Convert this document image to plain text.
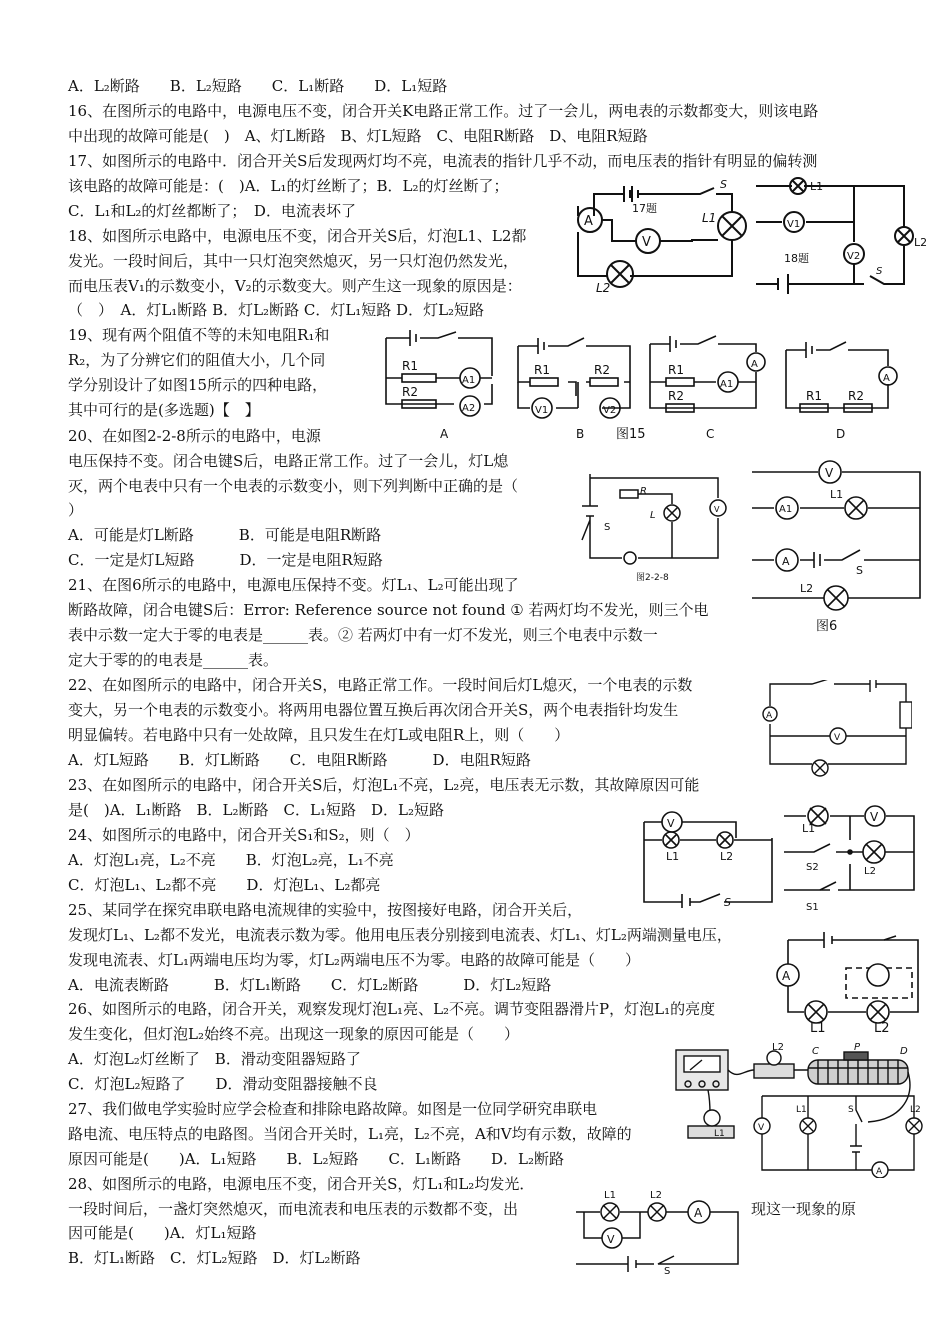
A．L₂断路　　B．L₂短路　　C．L₁断路　　D．L₁短路
16、在图所示的电路中，电源电压不变，闭合开关K电路正常工作。过了一会儿，两电表的示数都变大，则该电路
中出现的故障可能是(　)　A、灯L断路　B、灯L短路　C、电阻R断路　D、电阻R短路
17、如图所示的电路中．闭合开关S后发现两灯均不亮，电流表的指针几乎不动，而电压表的指针有明显的偏转测
该电路的故障可能是：(　)A．L₁的灯丝断了；B．L₂的灯丝断了；
C．L₁和L₂的灯丝都断了；　D．电流表坏了
18、如图所示电路中，电源电压不变，闭合开关S后，灯泡L1、L2都
发光。一段时间后，其中一只灯泡突然熄灭，另一只灯泡仍然发光，
而电压表V₁的示数变小，V₂的示数变大。则产生这一现象的原因是：
（　）　A．灯L₁断路 B．灯L₂断路 C．灯L₁短路 D．灯L₂短路
19、现有两个阻值不等的未知电阻R₁和
R₂，为了分辨它们的阻值大小，几个同
学分别设计了如图15所示的四种电路，
其中可行的是(多选题)【　】
20、在如图2-2-8所示的电路中，电源
电压保持不变。闭合电键S后，电路正常工作。过了一会儿，灯L熄
灭，两个电表中只有一个电表的示数变小，则下列判断中正确的是（
）
A．可能是灯L断路　　　B．可能是电阻R断路
C．一定是灯L短路　　　D．一定是电阻R短路
21、在图6所示的电路中，电源电压保持不变。灯L₁、L₂可能出现了
断路故障，闭合电键S后：Error: Reference source not found ① 若两灯均不发光，则三个电
表中示数一定大于零的电表是______表。② 若两灯中有一灯不发光，则三个电表中示数一
定大于零的的电表是______表。
22、在如图所示的电路中，闭合开关S，电路正常工作。一段时间后灯L熄灭，一个电表的示数
变大，另一个电表的示数变小。将两用电器位置互换后再次闭合开关S，两个电表指针均发生
明显偏转。若电路中只有一处故障，且只发生在灯L或电阻R上，则（　　）
A．灯L短路　　B．灯L断路　　C．电阻R断路　　　D．电阻R短路
23、在如图所示的电路中，闭合开关S后，灯泡L₁不亮，L₂亮，电压表无示数，其故障原因可能
是(　)A．L₁断路　B．L₂断路　C．L₁短路　D．L₂短路
24、如图所示的电路中，闭合开关S₁和S₂，则（　）
A．灯泡L₁亮，L₂不亮　　B．灯泡L₂亮，L₁不亮
C．灯泡L₁、L₂都不亮　　D．灯泡L₁、L₂都亮
25、某同学在探究串联电路电流规律的实验中，按图接好电路，闭合开关后，
发现灯L₁、L₂都不发光，电流表示数为零。他用电压表分别接到电流表、灯L₁、灯L₂两端测量电压，
发现电流表、灯L₁两端电压均为零，灯L₂两端电压不为零。电路的故障可能是（　　）
A．电流表断路　　　B．灯L₁断路　　C．灯L₂断路　　　D．灯L₂短路
26、如图所示的电路，闭合开关，观察发现灯泡L₁亮、L₂不亮。调节变阻器滑片P，灯泡L₁的亮度
发生变化，但灯泡L₂始终不亮。出现这一现象的原因可能是（　　）
A．灯泡L₂灯丝断了　B．滑动变阻器短路了
C．灯泡L₂短路了　　D．滑动变阻器接触不良
27、我们做电学实验时应学会检查和排除电路故障。如图是一位同学研究串联电
路电流、电压特点的电路图。当闭合开关时，L₁亮，L₂不亮，A和V均有示数，故障的
原因可能是(　　)A．L₁短路　　B．L₂短路　　C．L₁断路　　D．L₂断路
28、如图所示的电路，电源电压不变，闭合开关S，灯L₁和L₂均发光．
一段时间后，一盏灯突然熄灭，而电流表和电压表的示数都不变，出
因可能是(　　)A．灯L₁短路
B．灯L₁断路　C．灯L₂短路　D．灯L₂断路
现这一现象的原
A
V
17题
L1
L2
S	L1
V1
V2
L2
18题
S
R1
A1
R2
A2
A
R1	R2
V1	V2
B 图15
A
R1
A1
R2
C
A
R1 R2
D
V
R
L
S
图2-2-8
V
A1
L1
A
S
L2
图6
A
V
V
L1	L2
S
V
L1
S2	L2
S1
A
L1	L2
L2	P
C	D
L1
V
A
L1	S	L2
A
V
L1	L2
S
